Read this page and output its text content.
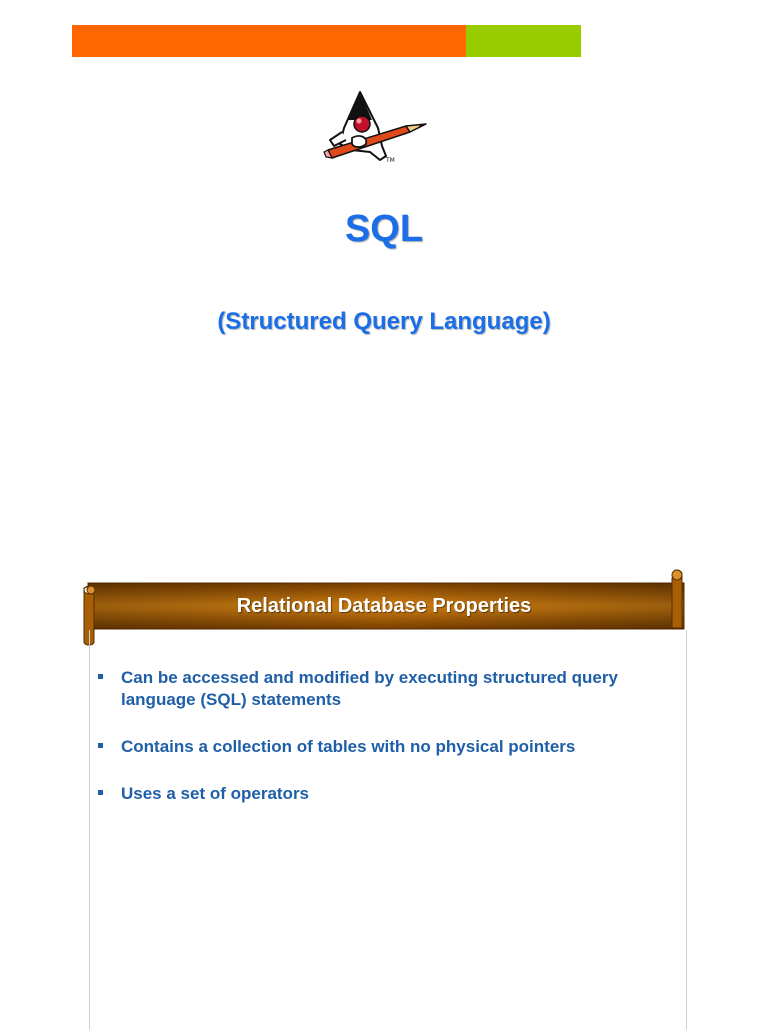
TM
SQL
(Structured Query Language)
Relational Database Properties
Can be accessed and modified by executing structured query language (SQL) statements
Contains a collection of tables with no physical pointers
Uses a set of operators
